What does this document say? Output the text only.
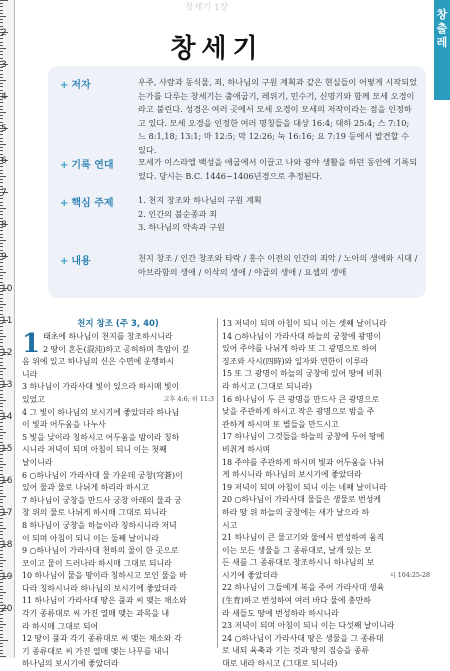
창세기 1장
2
3
4
5
6
7
8
9
10
11
12
13
14
15
16
17
18
19
20
창
출
레
창세기
+ 저자	우주, 사람과 동식물, 죄, 하나님의 구원 계획과 같은 현실들이 어떻게 시작되었는가를 다루는 창세기는 출애굽기, 레위기, 민수기, 신명기와 함께 모세 오경이라고 불린다. 성경은 여러 곳에서 모세 오경이 모세의 저작이라는 점을 인정하고 있다. 모세 오경을 인정한 여러 명칭들을 대상 16:4; 대하 25:4; 스 7:10; 느 8:1,18; 13:1; 마 12:5; 막 12:26; 눅 16:16; 요 7:19 등에서 발견할 수 있다.
+ 기록 연대	모세가 이스라엘 백성을 애굽에서 이끌고 나와 광야 생활을 하던 동안에 기록되었다. 당시는 B.C. 1446~1406년경으로 추정된다.
+ 핵심 주제	1. 천지 창조와 하나님의 구원 계획
2. 인간의 불순종과 죄
3. 하나님의 약속과 구원
+ 내용	천지 창조 / 인간 창조와 타락 / 홍수 이전의 인간의 죄악 / 노아의 생애와 시대 / 아브라함의 생애 / 이삭의 생애 / 야곱의 생애 / 요셉의 생애
천지 창조 (주 3, 40)
1 태초에 하나님이 천지를 창조하시니라
2 땅이 혼돈(混沌)하고 공허하며 흑암이 깊
음 위에 있고 하나님의 신은 수면에 운행하시
니라
3 하나님이 가라사대 빛이 있으라 하시매 빛이
있었고	고후 4:6; 히 11:3
4 그 빛이 하나님의 보시기에 좋았더라 하나님
이 빛과 어두움을 나누사
5 빛을 낮이라 칭하시고 어두움을 밤이라 칭하
시니라 저녁이 되며 아침이 되니 이는 첫째
날이니라
6 ○하나님이 가라사대 물 가운데 궁창(穹蒼)이
있어 물과 물로 나뉘게 하리라 하시고
7 하나님이 궁창을 만드사 궁창 아래의 물과 궁
창 위의 물로 나뉘게 하시매 그대로 되니라
8 하나님이 궁창을 하늘이라 칭하시니라 저녁
이 되며 아침이 되니 이는 둘째 날이니라
9 ○하나님이 가라사대 천하의 물이 한 곳으로
모이고 뭍이 드러나라 하시매 그대로 되니라
10 하나님이 뭍을 땅이라 칭하시고 모인 물을 바
다라 칭하시니라 하나님의 보시기에 좋았더라
11 하나님이 가라사대 땅은 풀과 씨 맺는 채소와
각기 종류대로 씨 가진 열매 맺는 과목을 내
라 하시매 그대로 되어
12 땅이 풀과 각기 종류대로 씨 맺는 채소와 각
기 종류대로 씨 가진 열매 맺는 나무를 내니
하나님의 보시기에 좋았더라
13 저녁이 되며 아침이 되니 이는 셋째 날이니라
14 ○하나님이 가라사대 하늘의 궁창에 광명이
있어 주야를 나뉘게 하라 또 그 광명으로 하여
징조와 사시(四時)와 일자와 연한이 이루라
15 또 그 광명이 하늘의 궁창에 있어 땅에 비취
라 하시고 (그대로 되니라)
16 하나님이 두 큰 광명을 만드사 큰 광명으로
낮을 주관하게 하시고 작은 광명으로 밤을 주
관하게 하시며 또 별들을 만드시고
17 하나님이 그것들을 하늘의 궁창에 두어 땅에
비취게 하시며
18 주야를 주관하게 하시며 빛과 어두움을 나뉘
게 하시니라 하나님의 보시기에 좋았더라
19 저녁이 되며 아침이 되니 이는 네째 날이니라
20 ○하나님이 가라사대 물들은 생물로 번성케
하라 땅 위 하늘의 궁창에는 새가 날으라 하
시고
21 하나님이 큰 물고기와 물에서 번성하여 움직
이는 모든 생물을 그 종류대로, 날개 있는 모
든 새를 그 종류대로 창조하시니 하나님의 보
시기에 좋았더라	시 104:25-28
22 하나님이 그들에게 복을 주어 가라사대 생육
(生育)하고 번성하여 여러 바다 물에 충만하
라 새들도 땅에 번성하라 하시니라
23 저녁이 되며 아침이 되니 이는 다섯째 날이니라
24 ○하나님이 가라사대 땅은 생물을 그 종류대
로 내되 육축과 기는 것과 땅의 짐승을 종류
대로 내라 하시고 (그대로 되니라)
